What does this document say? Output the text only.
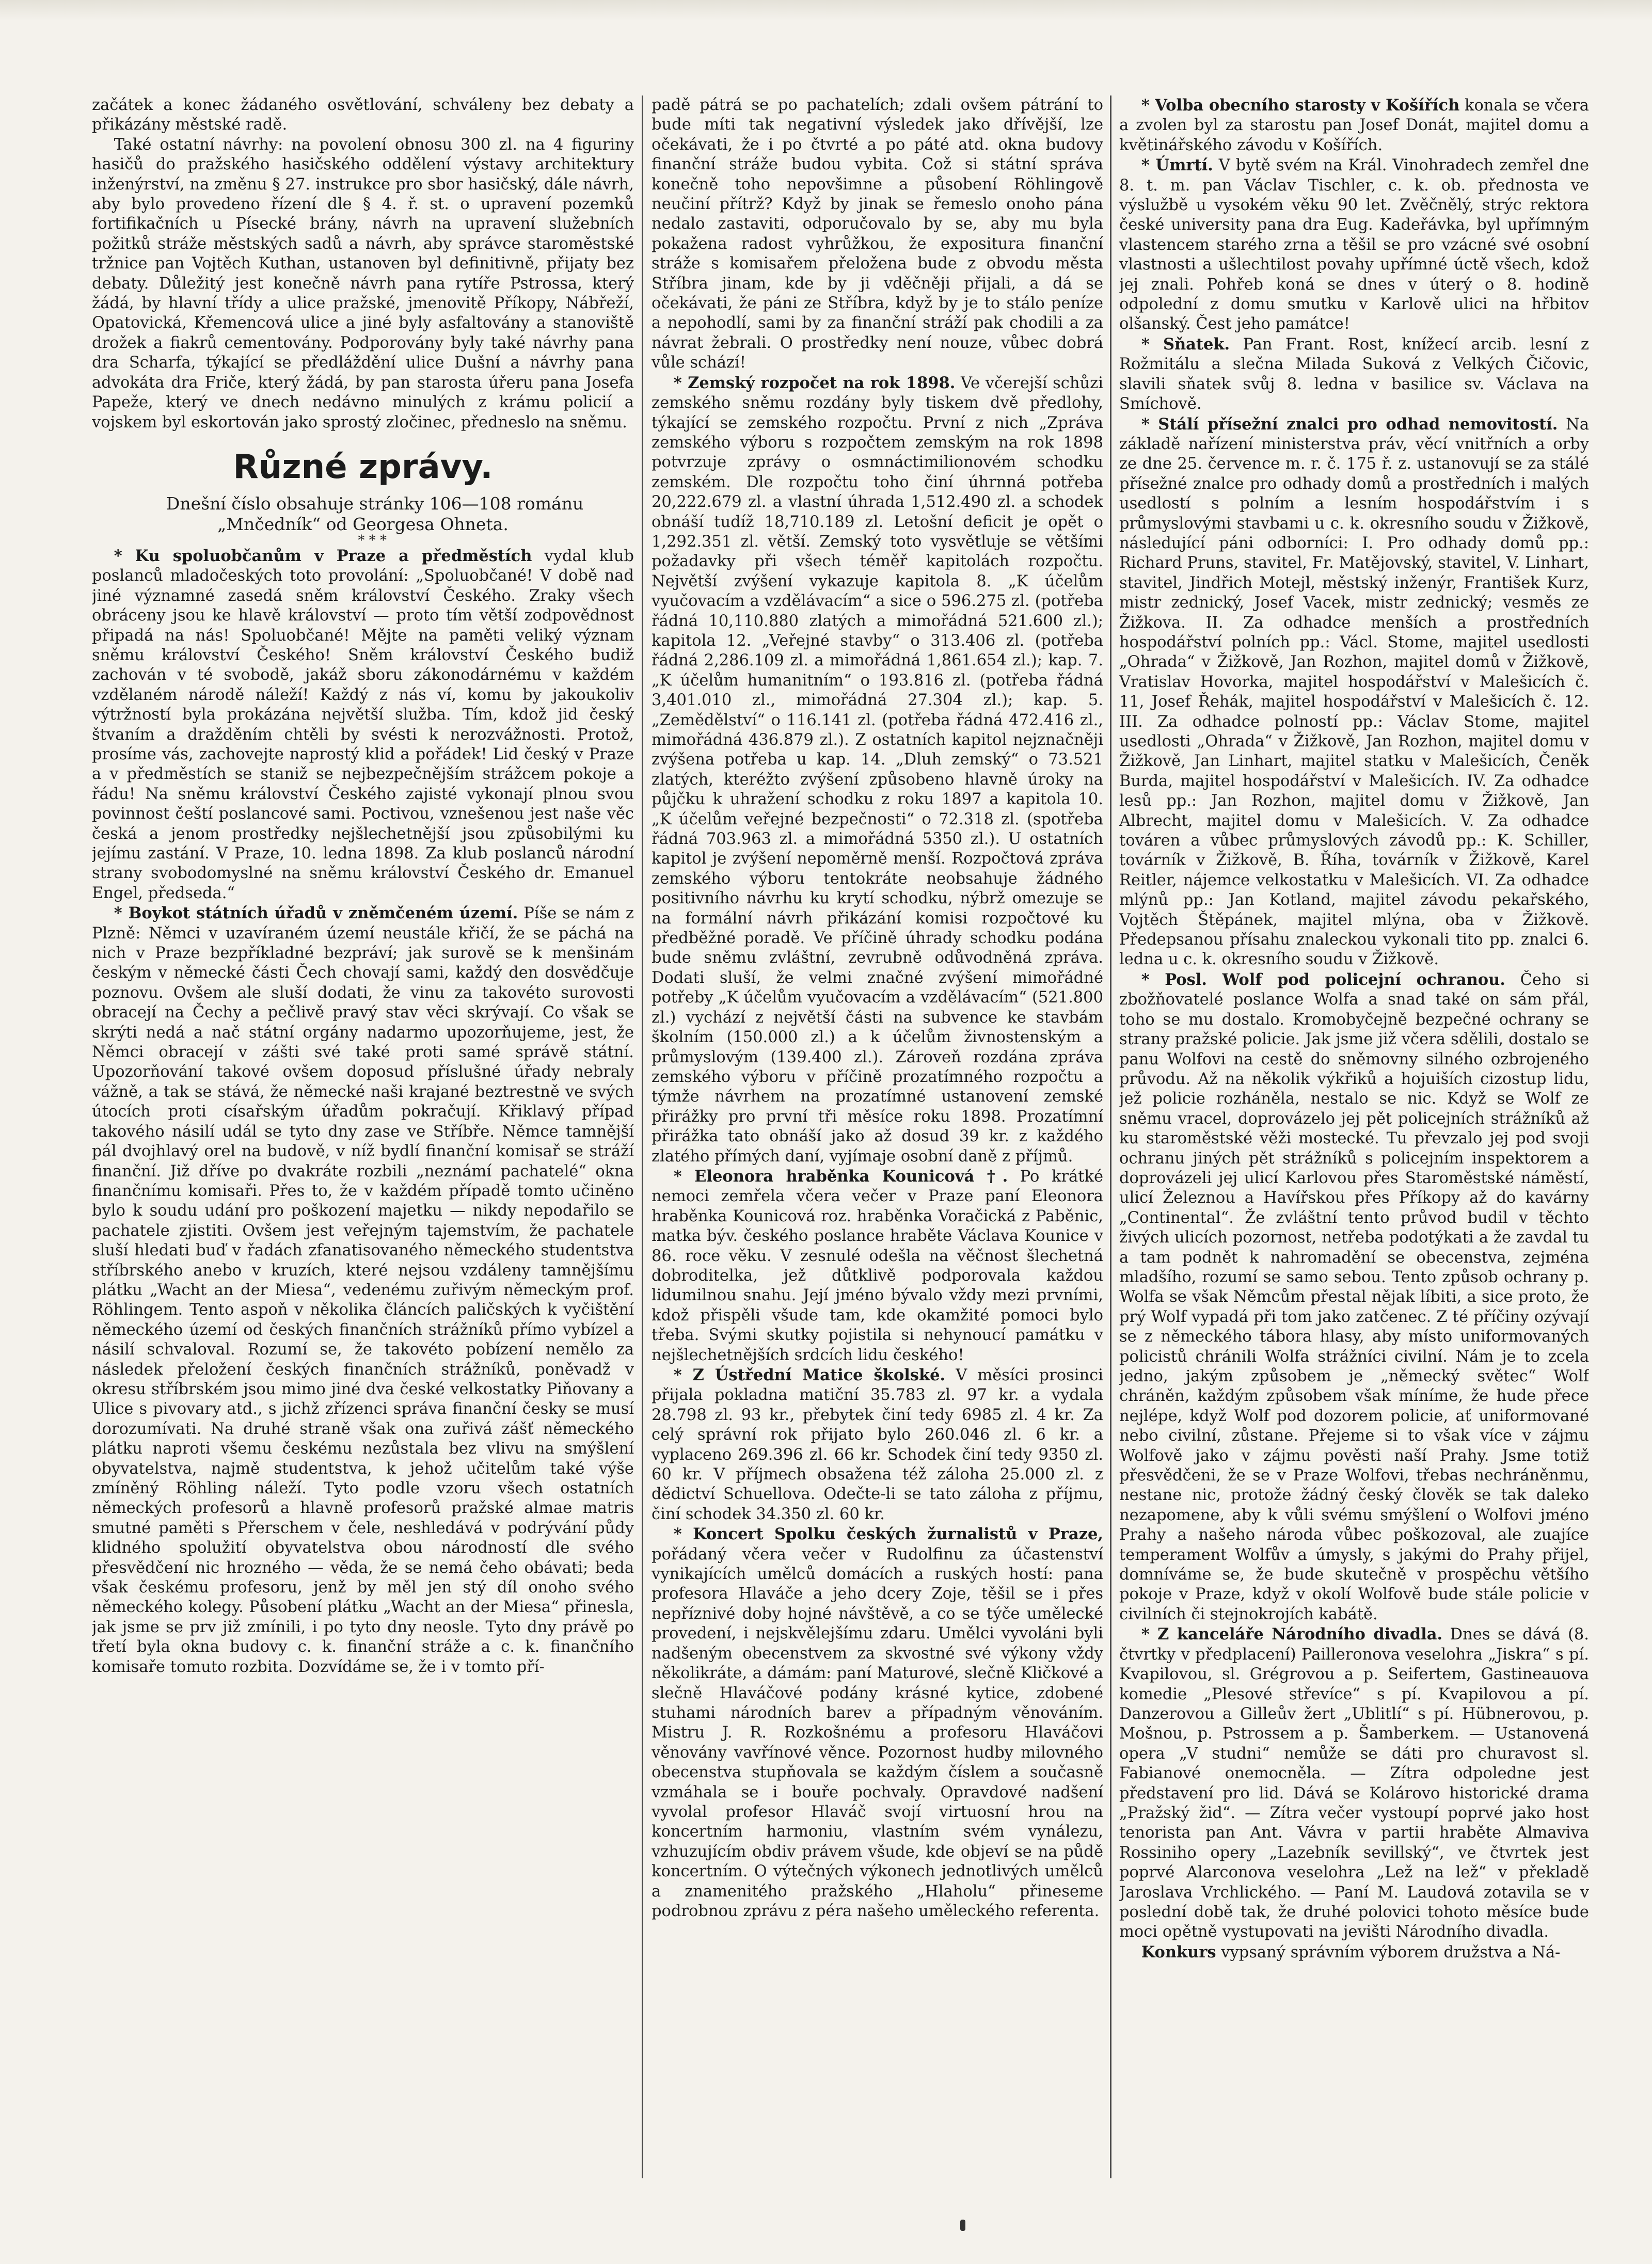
začátek a konec žádaného osvětlování, schváleny bez debaty a přikázány městské radě.

Také ostatní návrhy: na povolení obnosu 300 zl. na 4 figuriny hasičů do pražského hasičského oddělení výstavy architektury inženýrství, na změnu § 27. instrukce pro sbor hasičský, dále návrh, aby bylo provedeno řízení dle § 4. ř. st. o upravení pozemků fortifikačních u Písecké brány, návrh na upravení služebních požitků stráže městských sadů a návrh, aby správce staroměstské tržnice pan Vojtěch Kuthan, ustanoven byl definitivně, přijaty bez debaty. Důležitý jest konečně návrh pana rytíře Pstrossa, který žádá, by hlavní třídy a ulice pražské, jmenovitě Příkopy, Nábřeží, Opatovická, Křemencová ulice a jiné byly asfaltovány a stanoviště drožek a fiakrů cementovány. Podporovány byly také návrhy pana dra Scharfa, týkající se předláždění ulice Dušní a návrhy pana advokáta dra Friče, který žádá, by pan starosta úřeru pana Josefa Papeže, který ve dnech nedávno minulých z krámu policií a vojskem byl eskortován jako sprostý zločinec, předneslo na sněmu.

Různé zprávy.

Dnešní číslo obsahuje stránky 106—108 románu „Mnčedník“ od Georgesa Ohneta.

* * *

* Ku spoluobčanům v Praze a předměstích vydal klub poslanců mladočeských toto provolání: „Spoluobčané! V době nad jiné významné zasedá sněm království Českého. Zraky všech obráceny jsou ke hlavě království — proto tím větší zodpovědnost připadá na nás! Spoluobčané! Mějte na paměti veliký význam sněmu království Českého! Sněm království Českého budiž zachován v té svobodě, jakáž sboru zákonodárnému v každém vzdělaném národě náleží! Každý z nás ví, komu by jakoukoliv výtržností byla prokázána největší služba. Tím, kdož jid český štvaním a dražděním chtěli by svésti k nerozvážnosti. Protož, prosíme vás, zachovejte naprostý klid a pořádek! Lid český v Praze a v předměstích se staniž se nejbezpečnějším strážcem pokoje a řádu! Na sněmu království Českého zajisté vykonají plnou svou povinnost čeští poslancové sami. Poctivou, vznešenou jest naše věc česká a jenom prostředky nejšlechetnější jsou způsobilými ku jejímu zastání. V Praze, 10. ledna 1898. Za klub poslanců národní strany svobodomyslné na sněmu království Českého dr. Emanuel Engel, předseda.“

* Boykot státních úřadů v zněmčeném území. Píše se nám z Plzně: Němci v uzavíraném území neustále křičí, že se páchá na nich v Praze bezpříkladné bezpráví; jak surově se k menšinám českým v německé části Čech chovají sami, každý den dosvědčuje poznovu. Ovšem ale sluší dodati, že vinu za takovéto surovosti obracejí na Čechy a pečlivě pravý stav věci skrývají. Co však se skrýti nedá a nač státní orgány nadarmo upozorňujeme, jest, že Němci obracejí v zášti své také proti samé správě státní. Upozorňování takové ovšem doposud příslušné úřady nebraly vážně, a tak se stává, že německé naši krajané beztrestně ve svých útocích proti císařským úřadům pokračují. Křiklavý případ takového násilí udál se tyto dny zase ve Stříbře. Němce tamnější pál dvojhlavý orel na budově, v níž bydlí finanční komisař se stráží finanční. Již dříve po dvakráte rozbili „neznámí pachatelé“ okna finančnímu komisaři. Přes to, že v každém případě tomto učiněno bylo k soudu udání pro poškození majetku — nikdy nepodařilo se pachatele zjistiti. Ovšem jest veřejným tajemstvím, že pachatele sluší hledati buď v řadách zfanatisovaného německého studentstva stříbrského anebo v kruzích, které nejsou vzdáleny tamnějšímu plátku „Wacht an der Miesa“, vedenému zuřivým německým prof. Röhlingem. Tento aspoň v několika článcích paličských k vyčištění německého území od českých finančních strážníků přímo vybízel a násilí schvaloval. Rozumí se, že takovéto pobízení nemělo za následek přeložení českých finančních strážníků, poněvadž v okresu stříbrském jsou mimo jiné dva české velkostatky Piňovany a Ulice s pivovary atd., s jichž zřízenci správa finanční česky se musí dorozumívati. Na druhé straně však ona zuřivá zášť německého plátku naproti všemu českému nezůstala bez vlivu na smýšlení obyvatelstva, najmě studentstva, k jehož učitelům také výše zmíněný Röhling náleží. Tyto podle vzoru všech ostatních německých profesorů a hlavně profesorů pražské almae matris smutné paměti s Přerschem v čele, neshledává v podrývání půdy klidného spolužití obyvatelstva obou národností dle svého přesvědčení nic hrozného — věda, že se nemá čeho obávati; beda však českému profesoru, jenž by měl jen stý díl onoho svého německého kolegy. Působení plátku „Wacht an der Miesa“ přinesla, jak jsme se prv již zmínili, i po tyto dny neosle. Tyto dny právě po třetí byla okna budovy c. k. finanční stráže a c. k. finančního komisaře tomuto rozbita. Dozvídáme se, že i v tomto pří-

padě pátrá se po pachatelích; zdali ovšem pátrání to bude míti tak negativní výsledek jako dřívější, lze očekávati, že i po čtvrté a po páté atd. okna budovy finanční stráže budou vybita. Což si státní správa konečně toho nepovšimne a působení Röhlingově neučiní přítrž? Když by jinak se řemeslo onoho pána nedalo zastaviti, odporučovalo by se, aby mu byla pokažena radost vyhrůžkou, že expositura finanční stráže s komisařem přeložena bude z obvodu města Stříbra jinam, kde by ji vděčněji přijali, a dá se očekávati, že páni ze Stříbra, když by je to stálo peníze a nepohodlí, sami by za finanční stráží pak chodili a za návrat žebrali. O prostředky není nouze, vůbec dobrá vůle schází!

* Zemský rozpočet na rok 1898. Ve včerejší schůzi zemského sněmu rozdány byly tiskem dvě předlohy, týkající se zemského rozpočtu. První z nich „Zpráva zemského výboru s rozpočtem zemským na rok 1898 potvrzuje zprávy o osmnáctimilionovém schodku zemském. Dle rozpočtu toho činí úhrnná potřeba 20,222.679 zl. a vlastní úhrada 1,512.490 zl. a schodek obnáší tudíž 18,710.189 zl. Letošní deficit je opět o 1,292.351 zl. větší. Zemský toto vysvětluje se většími požadavky při všech téměř kapitolách rozpočtu. Největší zvýšení vykazuje kapitola 8. „K účelům vyučovacím a vzdělávacím“ a sice o 596.275 zl. (potřeba řádná 10,110.880 zlatých a mimořádná 521.600 zl.); kapitola 12. „Veřejné stavby“ o 313.406 zl. (potřeba řádná 2,286.109 zl. a mimořádná 1,861.654 zl.); kap. 7. „K účelům humanitním“ o 193.816 zl. (potřeba řádná 3,401.010 zl., mimořádná 27.304 zl.); kap. 5. „Zemědělství“ o 116.141 zl. (potřeba řádná 472.416 zl., mimořádná 436.879 zl.). Z ostatních kapitol nejznačněji zvýšena potřeba u kap. 14. „Dluh zemský“ o 73.521 zlatých, kteréžto zvýšení způsobeno hlavně úroky na půjčku k uhražení schodku z roku 1897 a kapitola 10. „K účelům veřejné bezpečnosti“ o 72.318 zl. (spotřeba řádná 703.963 zl. a mimořádná 5350 zl.). U ostatních kapitol je zvýšení nepoměrně menší. Rozpočtová zpráva zemského výboru tentokráte neobsahuje žádného positivního návrhu ku krytí schodku, nýbrž omezuje se na formální návrh přikázání komisi rozpočtové ku předběžné poradě. Ve příčině úhrady schodku podána bude sněmu zvláštní, zevrubně odůvodněná zpráva. Dodati sluší, že velmi značné zvýšení mimořádné potřeby „K účelům vyučovacím a vzdělávacím“ (521.800 zl.) vychází z největší části na subvence ke stavbám školním (150.000 zl.) a k účelům živnostenským a průmyslovým (139.400 zl.). Zároveň rozdána zpráva zemského výboru v příčině prozatímného rozpočtu a týmže návrhem na prozatímné ustanovení zemské přirážky pro první tři měsíce roku 1898. Prozatímní přirážka tato obnáší jako až dosud 39 kr. z každého zlatého přímých daní, vyjímaje osobní daně z příjmů.

* Eleonora hraběnka Kounicová †. Po krátké nemoci zemřela včera večer v Praze paní Eleonora hraběnka Kounicová roz. hraběnka Voračická z Paběnic, matka býv. českého poslance hraběte Václava Kounice v 86. roce věku. V zesnulé odešla na věčnost šlechetná dobroditelka, jež důtklivě podporovala každou lidumilnou snahu. Její jméno bývalo vždy mezi prvními, kdož přispěli všude tam, kde okamžité pomoci bylo třeba. Svými skutky pojistila si nehynoucí památku v nejšlechetnějších srdcích lidu českého!

* Z Ústřední Matice školské. V měsíci prosinci přijala pokladna matiční 35.783 zl. 97 kr. a vydala 28.798 zl. 93 kr., přebytek činí tedy 6985 zl. 4 kr. Za celý správní rok přijato bylo 260.046 zl. 6 kr. a vyplaceno 269.396 zl. 66 kr. Schodek činí tedy 9350 zl. 60 kr. V příjmech obsažena též záloha 25.000 zl. z dědictví Schuellova. Odečte-li se tato záloha z příjmu, činí schodek 34.350 zl. 60 kr.

* Koncert Spolku českých žurnalistů v Praze, pořádaný včera večer v Rudolfinu za účastenství vynikajících umělců domácích a ruských hostí: pana profesora Hlaváče a jeho dcery Zoje, těšil se i přes nepříznivé doby hojné návštěvě, a co se týče umělecké provedení, i nejskvělejšímu zdaru. Umělci vyvoláni byli nadšeným obecenstvem za skvostné své výkony vždy několikráte, a dámám: paní Maturové, slečně Kličkové a slečně Hlaváčové podány krásné kytice, zdobené stuhami národních barev a případným věnováním. Mistru J. R. Rozkošnému a profesoru Hlaváčovi věnovány vavřínové věnce. Pozornost hudby milovného obecenstva stupňovala se každým číslem a současně vzmáhala se i bouře pochvaly. Opravdové nadšení vyvolal profesor Hlaváč svojí virtuosní hrou na koncertním harmoniu, vlastním svém vynálezu, vzhuzujícím obdiv právem všude, kde objeví se na půdě koncertním. O výtečných výkonech jednotlivých umělců a znamenitého pražského „Hlaholu“ přineseme podrobnou zprávu z péra našeho uměleckého referenta.

* Volba obecního starosty v Košířích konala se včera a zvolen byl za starostu pan Josef Donát, majitel domu a květinářského závodu v Košířích.

* Úmrtí. V bytě svém na Král. Vinohradech zemřel dne 8. t. m. pan Václav Tischler, c. k. ob. přednosta ve výslužbě u vysokém věku 90 let. Zvěčnělý, strýc rektora české university pana dra Eug. Kadeřávka, byl upřímným vlastencem starého zrna a těšil se pro vzácné své osobní vlastnosti a ušlechtilost povahy upřímné úctě všech, kdož jej znali. Pohřeb koná se dnes v úterý o 8. hodině odpolední z domu smutku v Karlově ulici na hřbitov olšanský. Čest jeho památce!

* Sňatek. Pan Frant. Rost, knížecí arcib. lesní z Rožmitálu a slečna Milada Suková z Velkých Čičovic, slavili sňatek svůj 8. ledna v basilice sv. Václava na Smíchově.

* Stálí přísežní znalci pro odhad nemovitostí. Na základě nařízení ministerstva práv, věcí vnitřních a orby ze dne 25. července m. r. č. 175 ř. z. ustanovují se za stálé přísežné znalce pro odhady domů a prostředních i malých usedlostí s polním a lesním hospodářstvím i s průmyslovými stavbami u c. k. okresního soudu v Žižkově, následující páni odborníci: I. Pro odhady domů pp.: Richard Pruns, stavitel, Fr. Matějovský, stavitel, V. Linhart, stavitel, Jindřich Motejl, městský inženýr, František Kurz, mistr zednický, Josef Vacek, mistr zednický; vesměs ze Žižkova. II. Za odhadce menších a prostředních hospodářství polních pp.: Václ. Stome, majitel usedlosti „Ohrada“ v Žižkově, Jan Rozhon, majitel domů v Žižkově, Vratislav Hovorka, majitel hospodářství v Malešicích č. 11, Josef Řehák, majitel hospodářství v Malešicích č. 12. III. Za odhadce polností pp.: Václav Stome, majitel usedlosti „Ohrada“ v Žižkově, Jan Rozhon, majitel domu v Žižkově, Jan Linhart, majitel statku v Malešicích, Čeněk Burda, majitel hospodářství v Malešicích. IV. Za odhadce lesů pp.: Jan Rozhon, majitel domu v Žižkově, Jan Albrecht, majitel domu v Malešicích. V. Za odhadce továren a vůbec průmyslových závodů pp.: K. Schiller, továrník v Žižkově, B. Říha, továrník v Žižkově, Karel Reitler, nájemce velkostatku v Malešicích. VI. Za odhadce mlýnů pp.: Jan Kotland, majitel závodu pekařského, Vojtěch Štěpánek, majitel mlýna, oba v Žižkově. Předepsanou přísahu znaleckou vykonali tito pp. znalci 6. ledna u c. k. okresního soudu v Žižkově.

* Posl. Wolf pod policejní ochranou. Čeho si zbožňovatelé poslance Wolfa a snad také on sám přál, toho se mu dostalo. Kromobyčejně bezpečné ochrany se strany pražské policie. Jak jsme již včera sdělili, dostalo se panu Wolfovi na cestě do sněmovny silného ozbrojeného průvodu. Až na několik výkřiků a hojuiších cizostup lidu, jež policie rozháněla, nestalo se nic. Když se Wolf ze sněmu vracel, doprovázelo jej pět policejních strážníků až ku staroměstské věži mostecké. Tu převzalo jej pod svoji ochranu jiných pět strážníků s policejním inspektorem a doprovázeli jej ulicí Karlovou přes Staroměstské náměstí, ulicí Železnou a Havířskou přes Příkopy až do kavárny „Continental“. Že zvláštní tento průvod budil v těchto živých ulicích pozornost, netřeba podotýkati a že zavdal tu a tam podnět k nahromadění se obecenstva, zejména mladšího, rozumí se samo sebou. Tento způsob ochrany p. Wolfa se však Němcům přestal nějak líbiti, a sice proto, že prý Wolf vypadá při tom jako zatčenec. Z té příčiny ozývají se z německého tábora hlasy, aby místo uniformovaných policistů chránili Wolfa strážníci civilní. Nám je to zcela jedno, jakým způsobem je „německý světec“ Wolf chráněn, každým způsobem však míníme, že hude přece nejlépe, když Wolf pod dozorem policie, ať uniformované nebo civilní, zůstane. Přejeme si to však více v zájmu Wolfově jako v zájmu pověsti naší Prahy. Jsme totiž přesvědčeni, že se v Praze Wolfovi, třebas nechráněnmu, nestane nic, protože žádný český člověk se tak daleko nezapomene, aby k vůli svému smýšlení o Wolfovi jméno Prahy a našeho národa vůbec poškozoval, ale zuajíce temperament Wolfův a úmysly, s jakými do Prahy přijel, domníváme se, že bude skutečně v prospěchu většího pokoje v Praze, když v okolí Wolfově bude stále policie v civilních či stejnokrojích kabátě.

* Z kanceláře Národního divadla. Dnes se dává (8. čtvrtky v předplacení) Pailleronova veselohra „Jiskra“ s pí. Kvapilovou, sl. Grégrovou a p. Seifertem, Gastineauova komedie „Plesové střevíce“ s pí. Kvapilovou a pí. Danzerovou a Gilleův žert „Ublitlí“ s pí. Hübnerovou, p. Mošnou, p. Pstrossem a p. Šamberkem. — Ustanovená opera „V studni“ nemůže se dáti pro churavost sl. Fabianové onemocněla. — Zítra odpoledne jest představení pro lid. Dává se Kolárovo historické drama „Pražský žid“. — Zítra večer vystoupí poprvé jako host tenorista pan Ant. Vávra v partii hraběte Almaviva Rossiniho opery „Lazebník sevillský“, ve čtvrtek jest poprvé Alarconova veselohra „Lež na lež“ v překladě Jaroslava Vrchlického. — Paní M. Laudová zotavila se v poslední době tak, že druhé polovici tohoto měsíce bude moci opětně vystupovati na jevišti Národního divadla.

Konkurs vypsaný správním výborem družstva a Ná-
